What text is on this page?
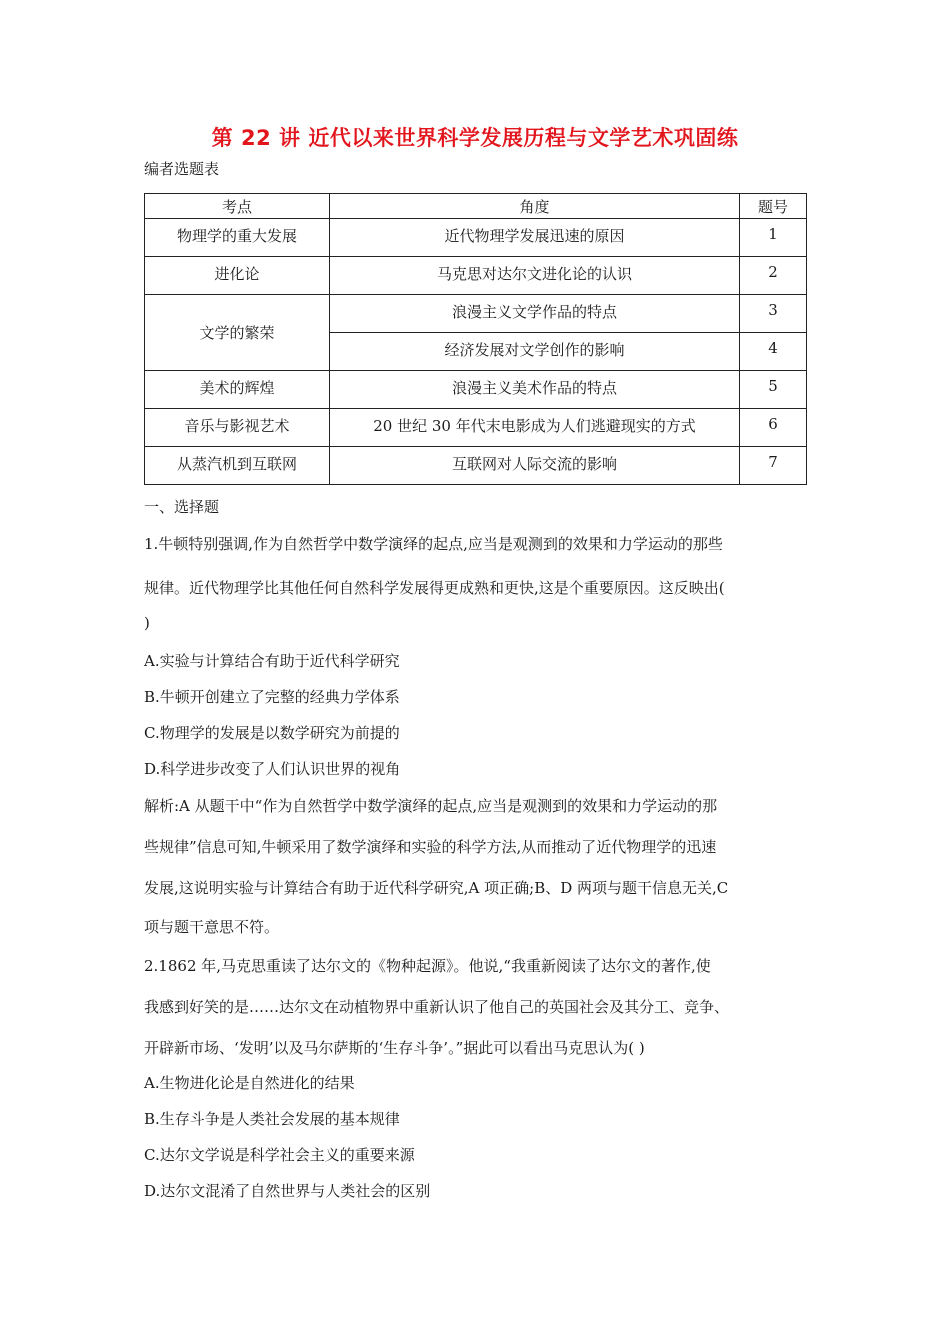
第 22 讲 近代以来世界科学发展历程与文学艺术巩固练
编者选题表
考点	角度	题号
物理学的重大发展	近代物理学发展迅速的原因	1
进化论	马克思对达尔文进化论的认识	2
文学的繁荣	浪漫主义文学作品的特点	3
	经济发展对文学创作的影响	4
美术的辉煌	浪漫主义美术作品的特点	5
音乐与影视艺术	20 世纪 30 年代末电影成为人们逃避现实的方式	6
从蒸汽机到互联网	互联网对人际交流的影响	7
一、选择题
1.牛顿特别强调,作为自然哲学中数学演绎的起点,应当是观测到的效果和力学运动的那些
规律。近代物理学比其他任何自然科学发展得更成熟和更快,这是个重要原因。这反映出(
)
A.实验与计算结合有助于近代科学研究
B.牛顿开创建立了完整的经典力学体系
C.物理学的发展是以数学研究为前提的
D.科学进步改变了人们认识世界的视角
解析:A 从题干中“作为自然哲学中数学演绎的起点,应当是观测到的效果和力学运动的那
些规律”信息可知,牛顿采用了数学演绎和实验的科学方法,从而推动了近代物理学的迅速
发展,这说明实验与计算结合有助于近代科学研究,A 项正确;B、D 两项与题干信息无关,C
项与题干意思不符。
2.1862 年,马克思重读了达尔文的《物种起源》。他说,“我重新阅读了达尔文的著作,使
我感到好笑的是……达尔文在动植物界中重新认识了他自己的英国社会及其分工、竞争、
开辟新市场、‘发明’以及马尔萨斯的‘生存斗争’。”据此可以看出马克思认为( )
A.生物进化论是自然进化的结果
B.生存斗争是人类社会发展的基本规律
C.达尔文学说是科学社会主义的重要来源
D.达尔文混淆了自然世界与人类社会的区别
